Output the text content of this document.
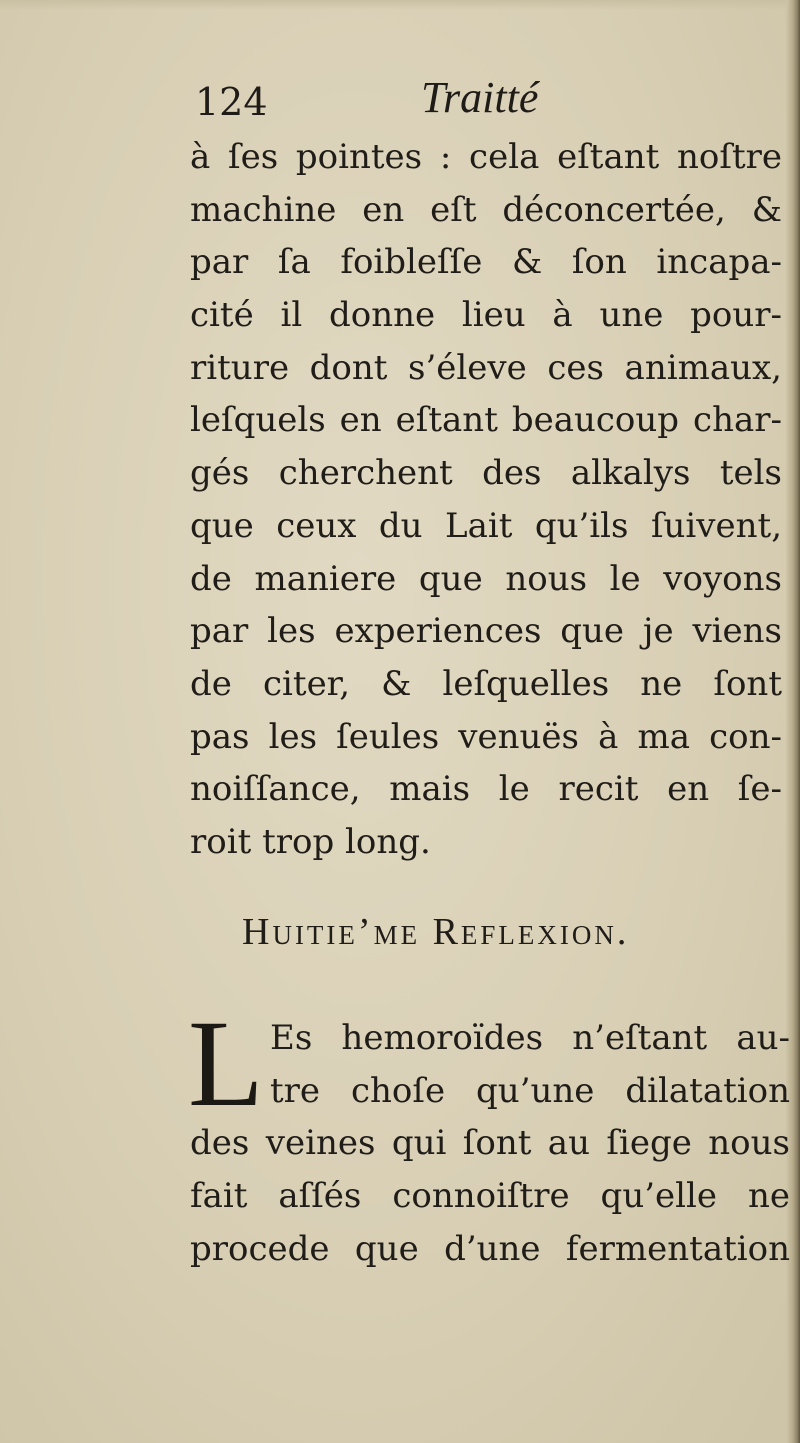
124	Traitté
à ſes pointes : cela eſtant noſtre
machine en eſt déconcertée, &
par ſa foibleſſe & ſon incapa-
cité il donne lieu à une pour-
riture dont s’éleve ces animaux,
leſquels en eſtant beaucoup char-
gés cherchent des alkalys tels
que ceux du Lait qu’ils ſuivent,
de maniere que nous le voyons
par les experiences que je viens
de citer, & leſquelles ne ſont
pas les ſeules venuës à ma con-
noiſſance, mais le recit en ſe-
roit trop long.
Huitie’me Reflexion.
L Es hemoroïdes n’eſtant au-
tre choſe qu’une dilatation
des veines qui ſont au ſiege nous
fait aſſés connoiſtre qu’elle ne
procede que d’une fermentation
